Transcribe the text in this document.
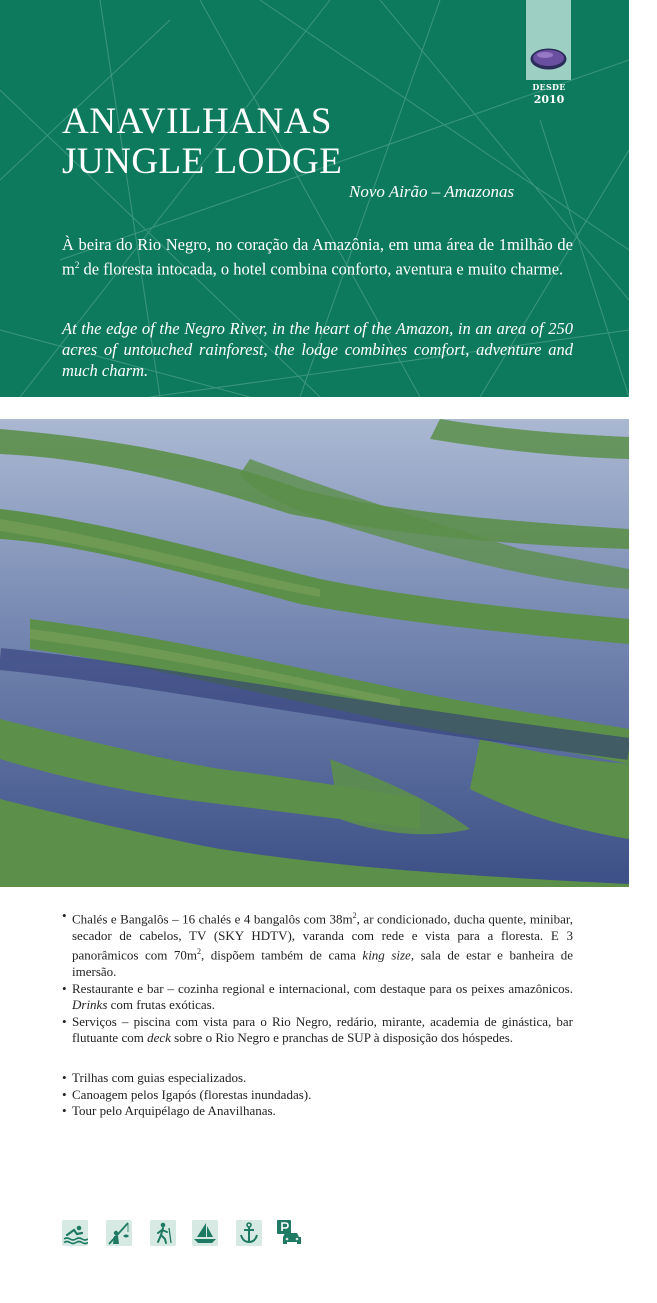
DESDE
2010
ANAVILHANAS
JUNGLE LODGE
Novo Airão – Amazonas
À beira do Rio Negro, no coração da Amazônia, em uma área de 1milhão de $m^2$ de floresta intocada, o hotel combina conforto, aventura e muito charme.
At the edge of the Negro River, in the heart of the Amazon, in an area of 250 acres of untouched rainforest, the lodge combines comfort, adventure and much charm.
• Chalés e Bangalôs – 16 chalés e 4 bangalôs com $38m^2$, ar condicionado, ducha quente, minibar, secador de cabelos, TV (SKY HDTV), varanda com rede e vista para a floresta. E 3 panorâmicos com $70m^2$, dispõem também de cama king size, sala de estar e banheira de imersão.
• Restaurante e bar – cozinha regional e internacional, com destaque para os peixes amazônicos. Drinks com frutas exóticas.
• Serviços – piscina com vista para o Rio Negro, redário, mirante, academia de ginástica, bar flutuante com deck sobre o Rio Negro e pranchas de SUP à disposição dos hóspedes.
• Trilhas com guias especializados.
• Canoagem pelos Igapós (florestas inundadas).
• Tour pelo Arquipélago de Anavilhanas.
